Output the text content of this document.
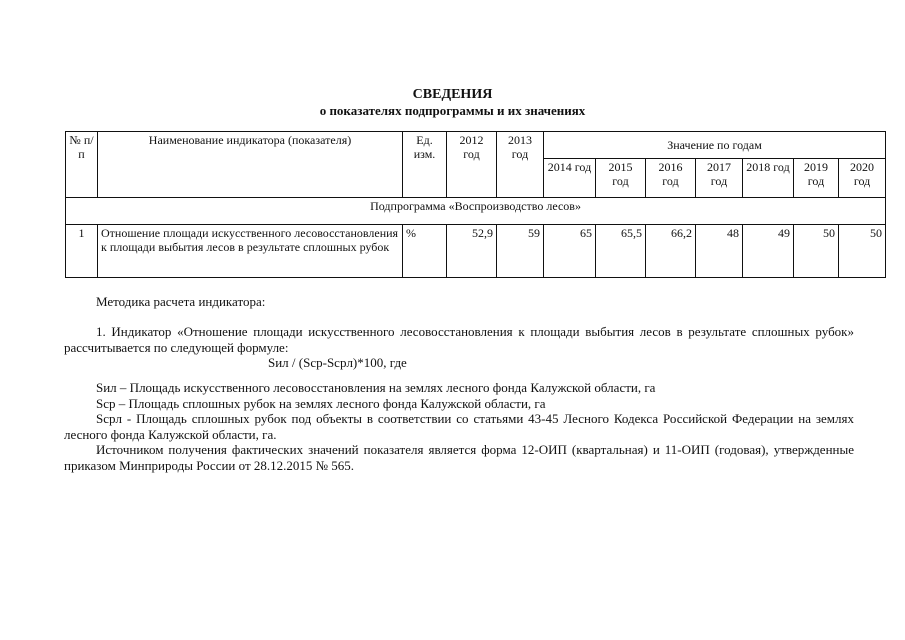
СВЕДЕНИЯ
о показателях подпрограммы и их значениях
№ п/п	Наименование индикатора (показателя)	Ед. изм.	2012 год	2013 год	Значение по годам						
					2014 год	2015 год	2016 год	2017 год	2018 год	2019 год	2020 год
Подпрограмма «Воспроизводство лесов»											
1	Отношение площади искусственного лесовосстановления к площади выбытия лесов в результате сплошных рубок	%	52,9	59	65	65,5	66,2	48	49	50	50

Методика расчета индикатора:

1. Индикатор «Отношение площади искусственного лесовосстановления к площади выбытия лесов в результате сплошных рубок» рассчитывается по следующей формуле:

Sил / (Scp-Scpл)*100, где

Sил – Площадь искусственного лесовосстановления на землях лесного фонда Калужской области, га

Scp – Площадь сплошных рубок на землях лесного фонда Калужской области, га

Scpл - Площадь сплошных рубок под объекты в соответствии со статьями 43-45 Лесного Кодекса Российской Федерации на землях лесного фонда Калужской области, га.

Источником получения фактических значений показателя является форма 12-ОИП (квартальная) и 11-ОИП (годовая), утвержденные приказом Минприроды России от 28.12.2015 № 565.
